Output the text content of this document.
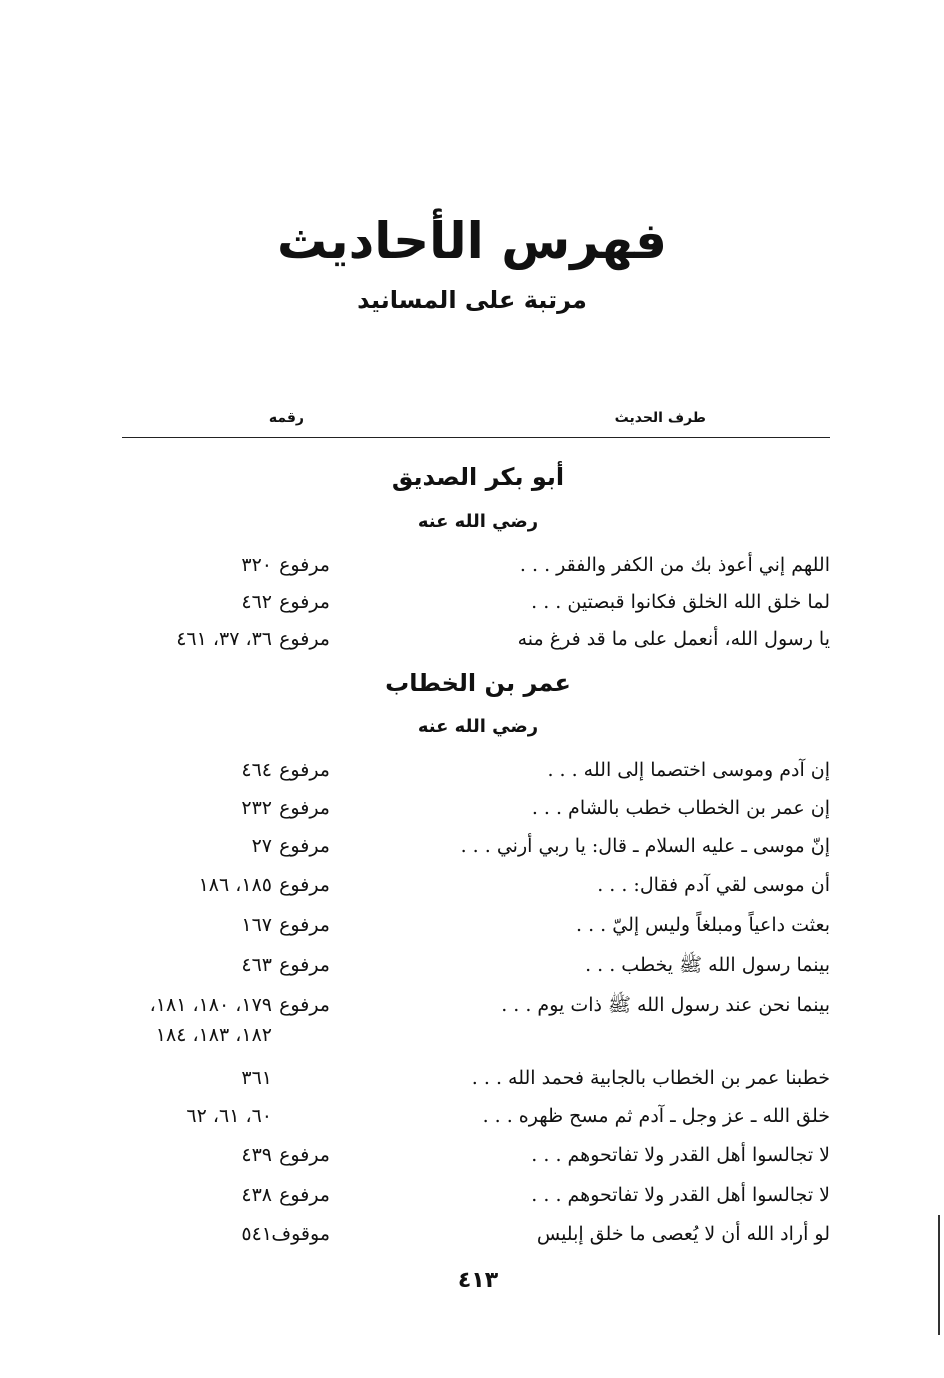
فهرس الأحاديث
مرتبة على المسانيد
طرف الحديث
رقمه
أبو بكر الصديق
رضي الله عنه
اللهم إني أعوذ بك من الكفر والفقر . . .
مرفوع
٣٢٠
لما خلق الله الخلق فكانوا قبصتين . . .
مرفوع
٤٦٢
يا رسول الله، أنعمل على ما قد فرغ منه
مرفوع
٣٦، ٣٧، ٤٦١
عمر بن الخطاب
رضي الله عنه
إن آدم وموسى اختصما إلى الله . . .
مرفوع
٤٦٤
إن عمر بن الخطاب خطب بالشام . . .
مرفوع
٢٣٢
إنّ موسى ـ عليه السلام ـ قال: يا ربي أرني . . .
مرفوع
٢٧
أن موسى لقي آدم فقال: . . .
مرفوع
١٨٥، ١٨٦
بعثت داعياً ومبلغاً وليس إليّ . . .
مرفوع
١٦٧
بينما رسول الله ﷺ يخطب . . .
مرفوع
٤٦٣
بينما نحن عند رسول الله ﷺ ذات يوم . . .
مرفوع
١٧٩، ١٨٠، ١٨١،
١٨٢، ١٨٣، ١٨٤
خطبنا عمر بن الخطاب بالجابية فحمد الله . . .
٣٦١
خلق الله ـ عز وجل ـ آدم ثم مسح ظهره . . .
٦٠، ٦١، ٦٢
لا تجالسوا أهل القدر ولا تفاتحوهم . . .
مرفوع
٤٣٩
لا تجالسوا أهل القدر ولا تفاتحوهم . . .
مرفوع
٤٣٨
لو أراد الله أن لا يُعصى ما خلق إبليس
موقوف
٥٤١
٤١٣
